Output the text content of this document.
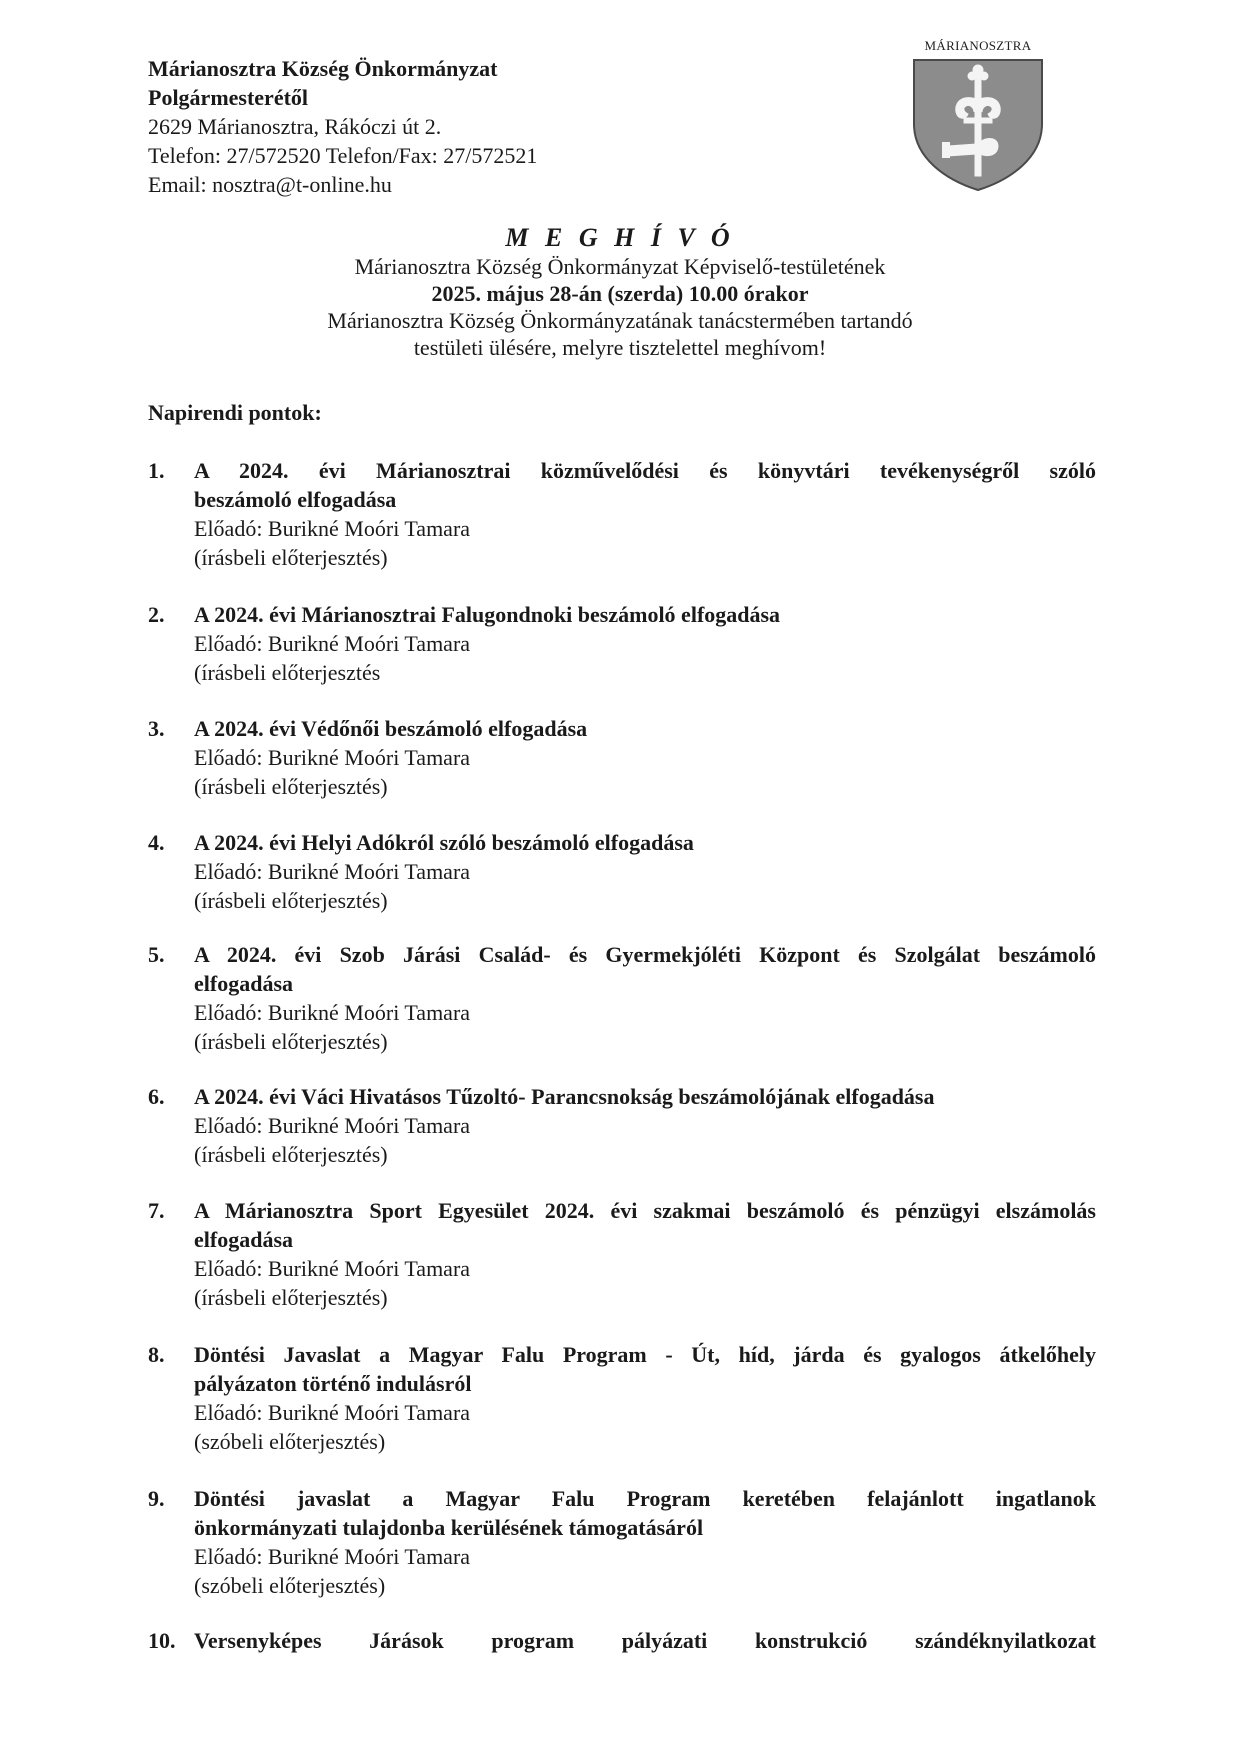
Márianosztra Község Önkormányzat
Polgármesterétől
2629 Márianosztra, Rákóczi út 2.
Telefon: 27/572520 Telefon/Fax: 27/572521
Email: nosztra@t-online.hu
MÁRIANOSZTRA
M E G H Í V Ó
Márianosztra Község Önkormányzat Képviselő-testületének
2025. május 28-án (szerda) 10.00 órakor
Márianosztra Község Önkormányzatának tanácstermében tartandó
testületi ülésére, melyre tisztelettel meghívom!
Napirendi pontok:
1.	A 2024. évi Márianosztrai közművelődési és könyvtári tevékenységről szóló
beszámoló elfogadása
Előadó: Burikné Moóri Tamara
(írásbeli előterjesztés)
2.	A 2024. évi Márianosztrai Falugondnoki beszámoló elfogadása
Előadó: Burikné Moóri Tamara
(írásbeli előterjesztés
3.	A 2024. évi Védőnői beszámoló elfogadása
Előadó: Burikné Moóri Tamara
(írásbeli előterjesztés)
4.	A 2024. évi Helyi Adókról szóló beszámoló elfogadása
Előadó: Burikné Moóri Tamara
(írásbeli előterjesztés)
5.	A 2024. évi Szob Járási Család- és Gyermekjóléti Központ és Szolgálat beszámoló
elfogadása
Előadó: Burikné Moóri Tamara
(írásbeli előterjesztés)
6.	A 2024. évi Váci Hivatásos Tűzoltó- Parancsnokság beszámolójának elfogadása
Előadó: Burikné Moóri Tamara
(írásbeli előterjesztés)
7.	A Márianosztra Sport Egyesület 2024. évi szakmai beszámoló és pénzügyi elszámolás
elfogadása
Előadó: Burikné Moóri Tamara
(írásbeli előterjesztés)
8.	Döntési Javaslat a Magyar Falu Program - Út, híd, járda és gyalogos átkelőhely
pályázaton történő indulásról
Előadó: Burikné Moóri Tamara
(szóbeli előterjesztés)
9.	Döntési javaslat a Magyar Falu Program keretében felajánlott ingatlanok
önkormányzati tulajdonba kerülésének támogatásáról
Előadó: Burikné Moóri Tamara
(szóbeli előterjesztés)
10. Versenyképes Járások program pályázati konstrukció szándéknyilatkozat
